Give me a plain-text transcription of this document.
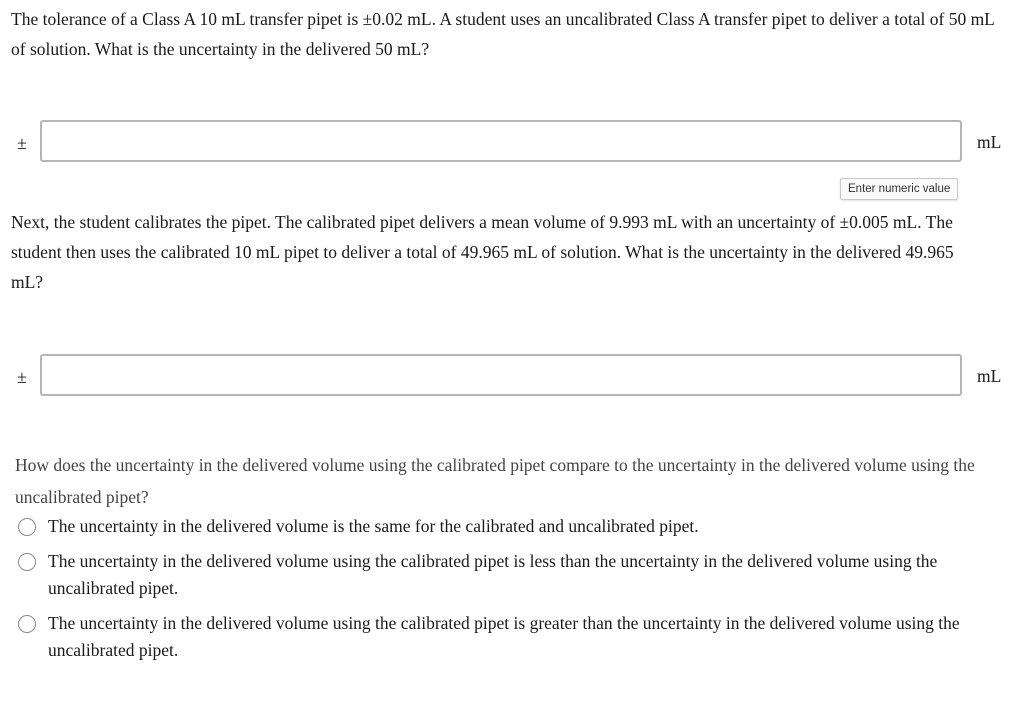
The tolerance of a Class A 10 mL transfer pipet is ±0.02 mL. A student uses an uncalibrated Class A transfer pipet to deliver a total of 50 mL of solution. What is the uncertainty in the delivered 50 mL?

±	mL
Enter numeric value

Next, the student calibrates the pipet. The calibrated pipet delivers a mean volume of 9.993 mL with an uncertainty of ±0.005 mL. The student then uses the calibrated 10 mL pipet to deliver a total of 49.965 mL of solution. What is the uncertainty in the delivered 49.965 mL?

±	mL

How does the uncertainty in the delivered volume using the calibrated pipet compare to the uncertainty in the delivered volume using the uncalibrated pipet?

The uncertainty in the delivered volume is the same for the calibrated and uncalibrated pipet.
The uncertainty in the delivered volume using the calibrated pipet is less than the uncertainty in the delivered volume using the uncalibrated pipet.
The uncertainty in the delivered volume using the calibrated pipet is greater than the uncertainty in the delivered volume using the uncalibrated pipet.
